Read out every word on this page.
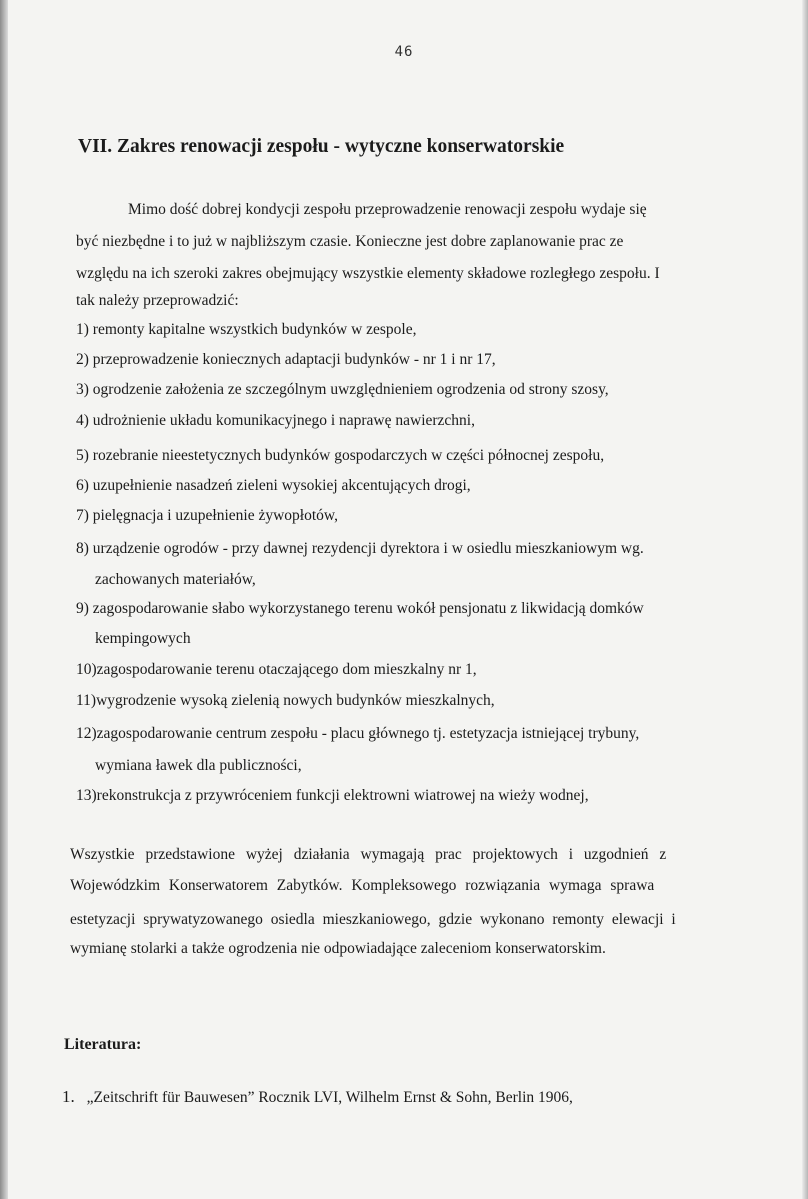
46
VII. Zakres renowacji zespołu - wytyczne konserwatorskie
Mimo dość dobrej kondycji zespołu przeprowadzenie renowacji zespołu wydaje się
być niezbędne i to już w najbliższym czasie. Konieczne jest dobre zaplanowanie prac ze
względu na ich szeroki zakres obejmujący wszystkie elementy składowe rozległego zespołu. I
tak należy przeprowadzić:
1) remonty kapitalne wszystkich budynków w zespole,
2) przeprowadzenie koniecznych adaptacji budynków - nr 1 i nr 17,
3) ogrodzenie założenia ze szczególnym uwzględnieniem ogrodzenia od strony szosy,
4) udrożnienie układu komunikacyjnego i naprawę nawierzchni,
5) rozebranie nieestetycznych budynków gospodarczych w części północnej zespołu,
6) uzupełnienie nasadzeń zieleni wysokiej akcentujących drogi,
7) pielęgnacja i uzupełnienie żywopłotów,
8) urządzenie ogrodów - przy dawnej rezydencji dyrektora i w osiedlu mieszkaniowym wg.
zachowanych materiałów,
9) zagospodarowanie słabo wykorzystanego terenu wokół pensjonatu z likwidacją domków
kempingowych
10)zagospodarowanie terenu otaczającego dom mieszkalny nr 1,
11)wygrodzenie wysoką zielenią nowych budynków mieszkalnych,
12)zagospodarowanie centrum zespołu - placu głównego tj. estetyzacja istniejącej trybuny,
wymiana ławek dla publiczności,
13)rekonstrukcja z przywróceniem funkcji elektrowni wiatrowej na wieży wodnej,
Wszystkie przedstawione wyżej działania wymagają prac projektowych i uzgodnień z
Wojewódzkim Konserwatorem Zabytków. Kompleksowego rozwiązania wymaga sprawa
estetyzacji sprywatyzowanego osiedla mieszkaniowego, gdzie wykonano remonty elewacji i
wymianę stolarki a także ogrodzenia nie odpowiadające zaleceniom konserwatorskim.
Literatura:
1. „Zeitschrift für Bauwesen” Rocznik LVI, Wilhelm Ernst & Sohn, Berlin 1906,
